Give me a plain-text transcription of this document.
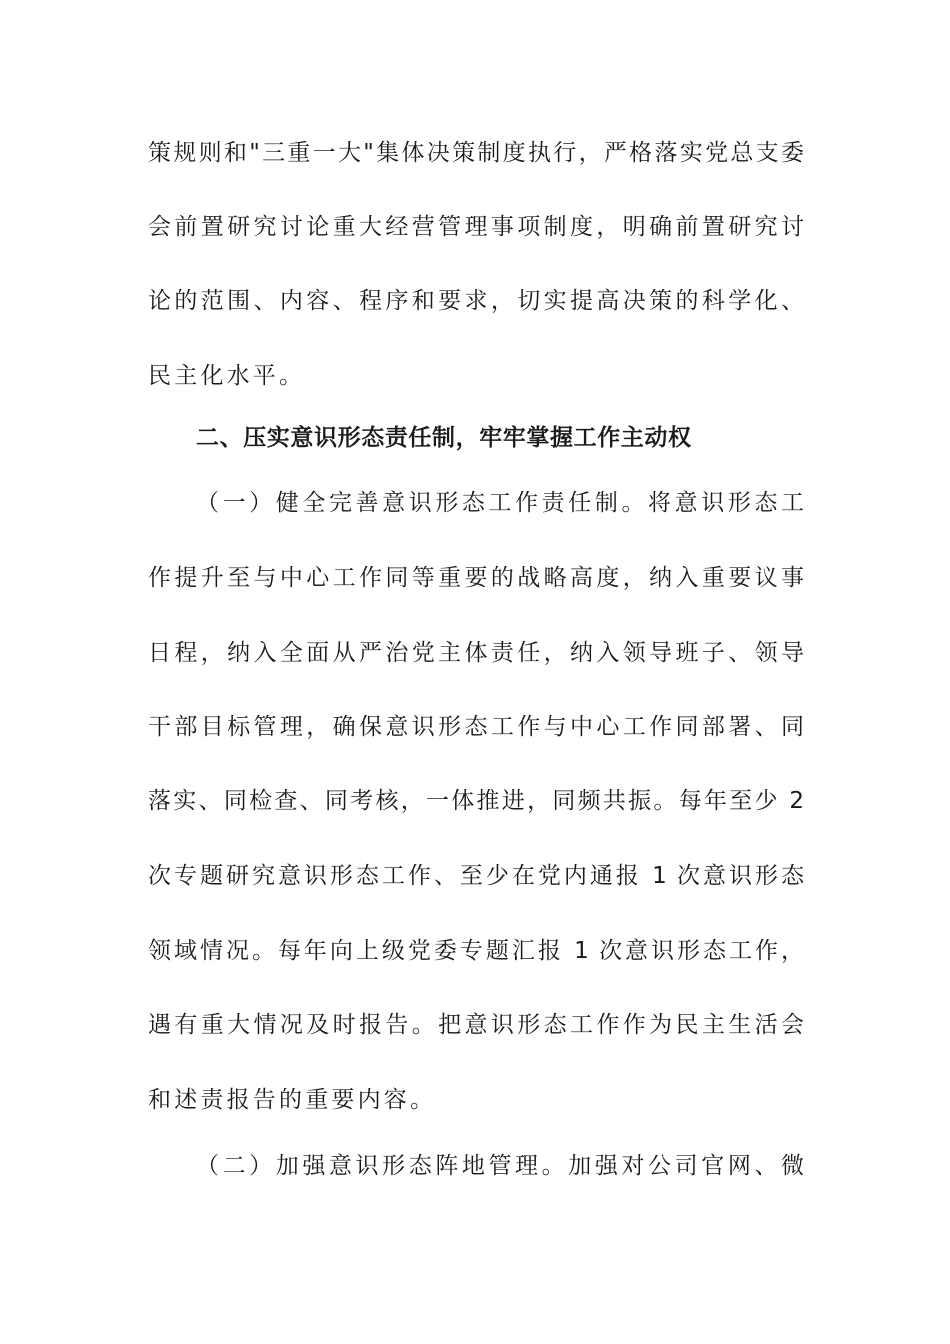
策规则和"三重一大"集体决策制度执行，严格落实党总支委
会前置研究讨论重大经营管理事项制度，明确前置研究讨
论的范围、内容、程序和要求，切实提高决策的科学化、
民主化水平。
二、压实意识形态责任制，牢牢掌握工作主动权
（一）健全完善意识形态工作责任制。将意识形态工
作提升至与中心工作同等重要的战略高度，纳入重要议事
日程，纳入全面从严治党主体责任，纳入领导班子、领导
干部目标管理，确保意识形态工作与中心工作同部署、同
落实、同检查、同考核，一体推进，同频共振。每年至少 2
次专题研究意识形态工作、至少在党内通报 1 次意识形态
领域情况。每年向上级党委专题汇报 1 次意识形态工作，
遇有重大情况及时报告。把意识形态工作作为民主生活会
和述责报告的重要内容。
（二）加强意识形态阵地管理。加强对公司官网、微
